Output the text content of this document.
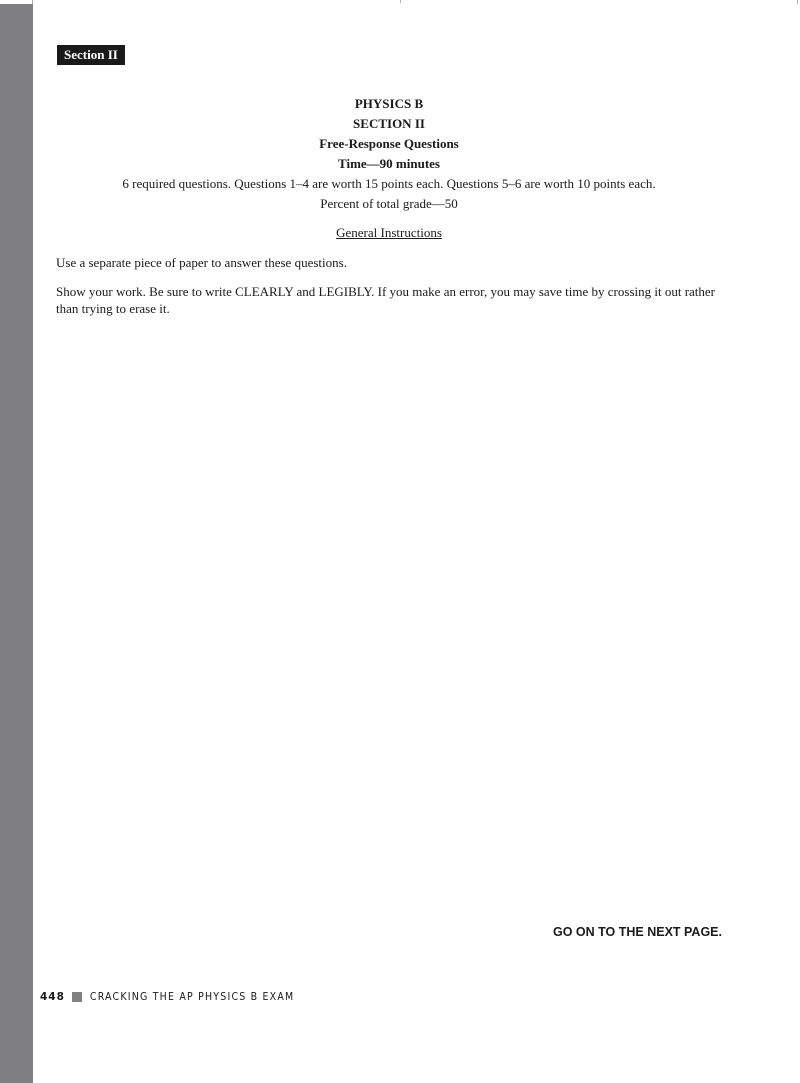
Section II
PHYSICS B
SECTION II
Free-Response Questions
Time—90 minutes
6 required questions. Questions 1–4 are worth 15 points each. Questions 5–6 are worth 10 points each.
Percent of total grade—50
General Instructions
Use a separate piece of paper to answer these questions.
Show your work. Be sure to write CLEARLY and LEGIBLY. If you make an error, you may save time by crossing it out rather than trying to erase it.
GO ON TO THE NEXT PAGE.
448 CRACKING THE AP PHYSICS B EXAM
